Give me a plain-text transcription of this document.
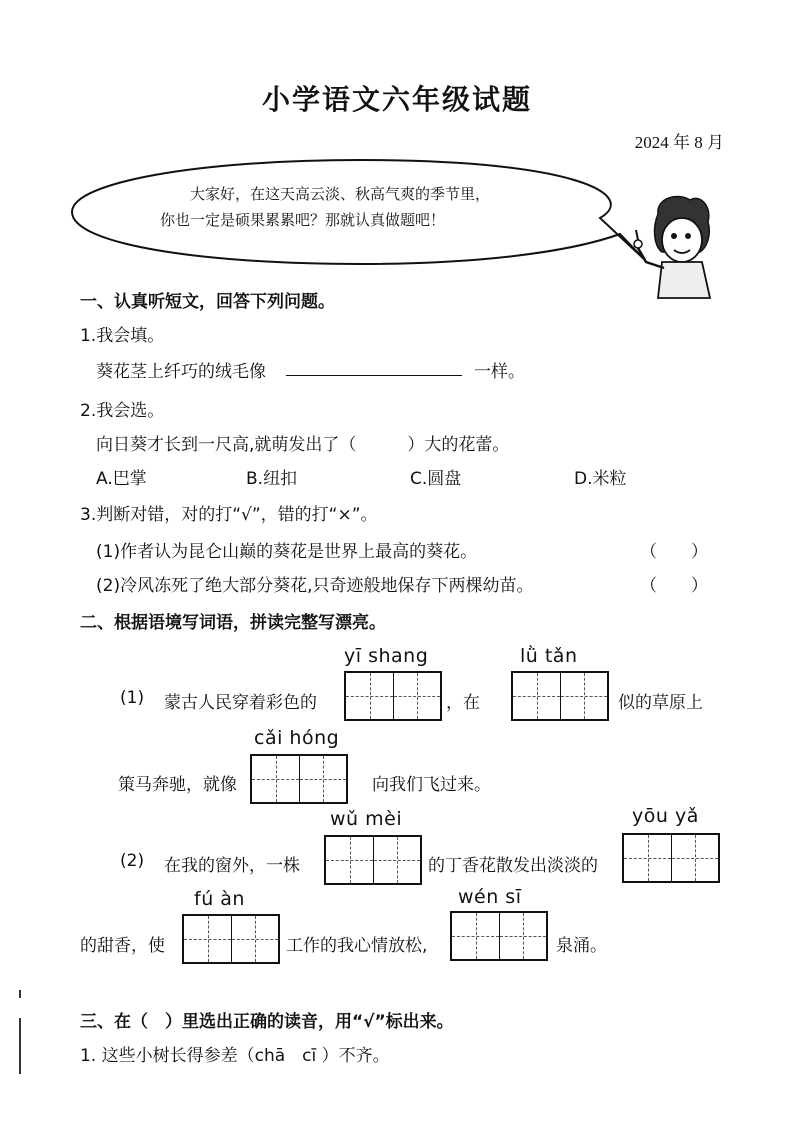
小学语文六年级试题
2024 年 8 月
大家好，在这天高云淡、秋高气爽的季节里，
你也一定是硕果累累吧？那就认真做题吧！
一、认真听短文，回答下列问题。
1.我会填。
葵花茎上纤巧的绒毛像	一样。
2.我会选。
向日葵才长到一尺高,就萌发出了（　　　）大的花蕾。
A.巴掌	B.纽扣	C.圆盘	D.米粒
3.判断对错，对的打“√”，错的打“×”。
(1)作者认为昆仑山巅的葵花是世界上最高的葵花。	（　　）
(2)冷风冻死了绝大部分葵花,只奇迹般地保存下两棵幼苗。	（　　）
二、根据语境写词语，拼读完整写漂亮。
yī shang	lǜ tǎn
(1) 蒙古人民穿着彩色的	，在	似的草原上
cǎi hóng
策马奔驰，就像	向我们飞过来。
wǔ mèi	yōu yǎ
(2) 在我的窗外，一株	的丁香花散发出淡淡的
fú àn	wén sī
的甜香，使	工作的我心情放松,	泉涌。
三、在（　）里选出正确的读音，用“√”标出来。
1. 这些小树长得参差（chā　cī ）不齐。
